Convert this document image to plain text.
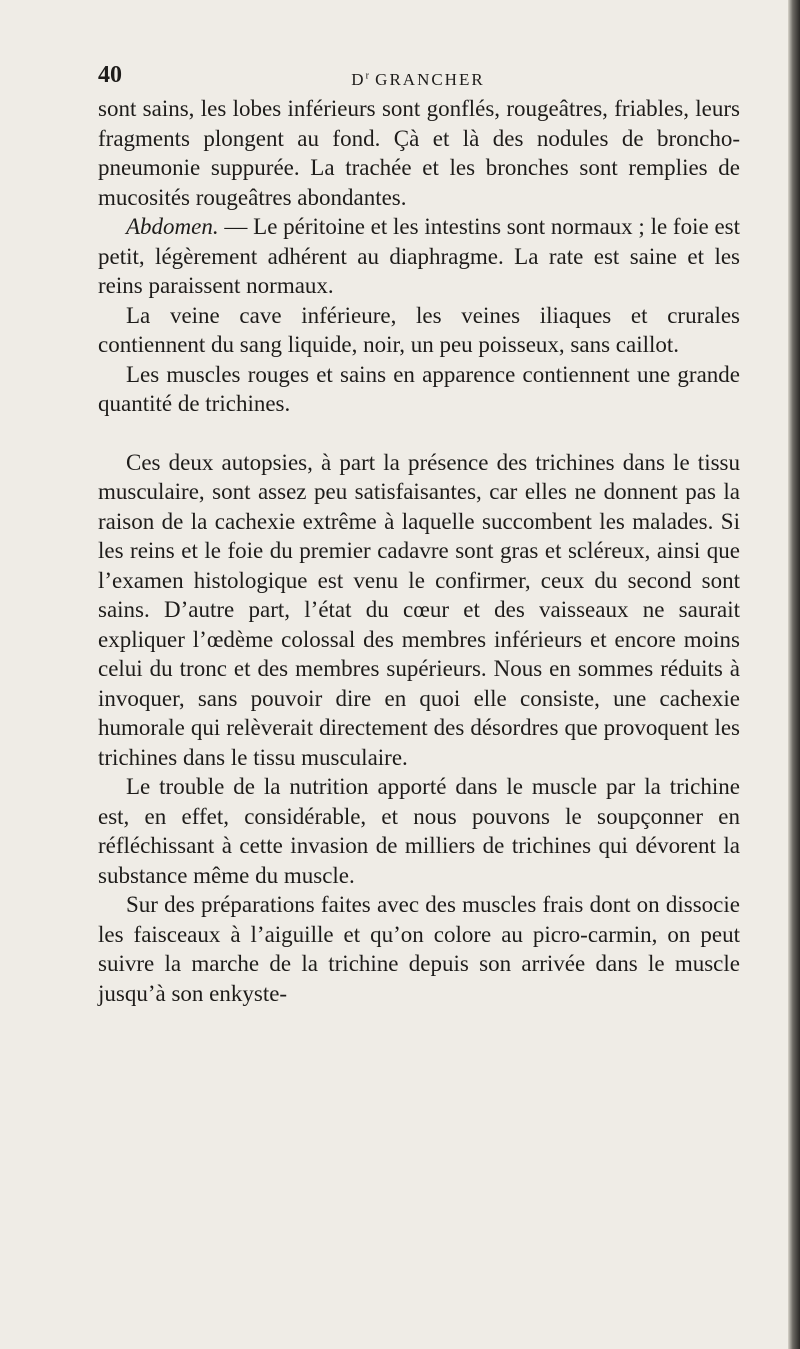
40	$D^r$ GRANCHER

sont sains, les lobes inférieurs sont gonflés, rougeâtres, friables, leurs fragments plongent au fond. Çà et là des nodules de broncho-pneumonie suppurée. La trachée et les bronches sont remplies de mucosités rougeâtres abondantes.

Abdomen. — Le péritoine et les intestins sont normaux ; le foie est petit, légèrement adhérent au diaphragme. La rate est saine et les reins paraissent normaux.

La veine cave inférieure, les veines iliaques et crurales contiennent du sang liquide, noir, un peu poisseux, sans caillot.

Les muscles rouges et sains en apparence contiennent une grande quantité de trichines.

Ces deux autopsies, à part la présence des trichines dans le tissu musculaire, sont assez peu satisfaisantes, car elles ne donnent pas la raison de la cachexie extrême à laquelle succombent les malades. Si les reins et le foie du premier cadavre sont gras et scléreux, ainsi que l’examen histologique est venu le confirmer, ceux du second sont sains. D’autre part, l’état du cœur et des vaisseaux ne saurait expliquer l’œdème colossal des membres inférieurs et encore moins celui du tronc et des membres supérieurs. Nous en sommes réduits à invoquer, sans pouvoir dire en quoi elle consiste, une cachexie humorale qui relèverait directement des désordres que provoquent les trichines dans le tissu musculaire.

Le trouble de la nutrition apporté dans le muscle par la trichine est, en effet, considérable, et nous pouvons le soupçonner en réfléchissant à cette invasion de milliers de trichines qui dévorent la substance même du muscle.

Sur des préparations faites avec des muscles frais dont on dissocie les faisceaux à l’aiguille et qu’on colore au picro-carmin, on peut suivre la marche de la trichine depuis son arrivée dans le muscle jusqu’à son enkyste-
